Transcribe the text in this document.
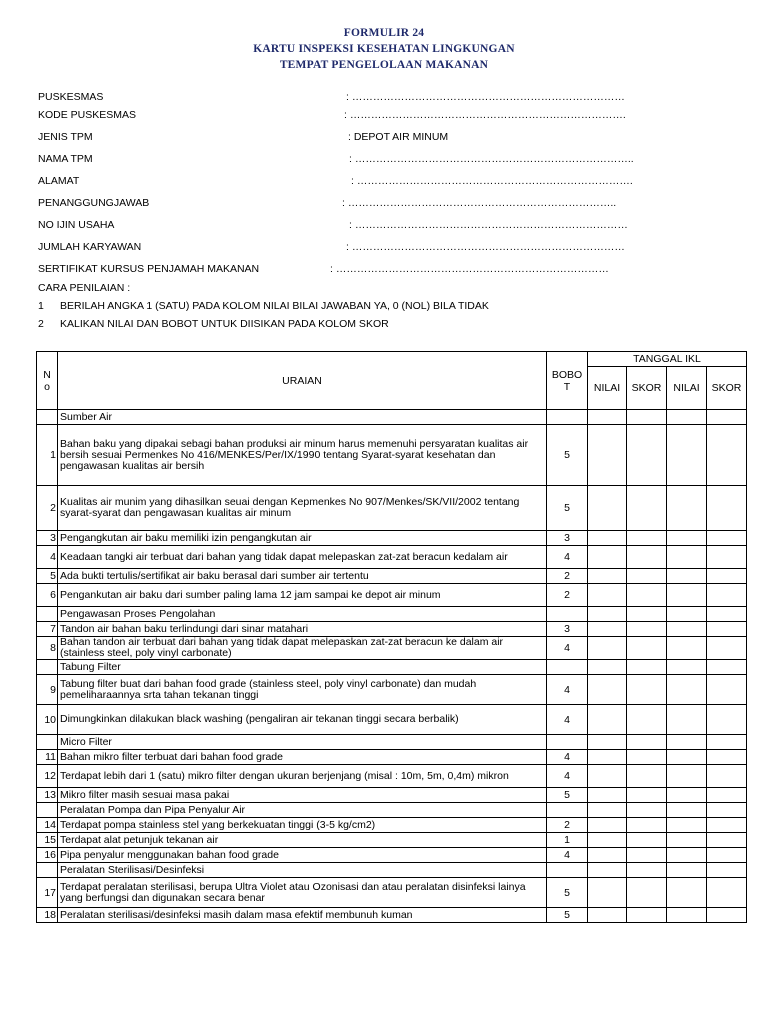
FORMULIR 24
KARTU INSPEKSI KESEHATAN LINGKUNGAN
TEMPAT PENGELOLAAN MAKANAN
PUSKESMAS	: ……………………………………………………………………
KODE PUSKESMAS	: …………………………………………………………………….
JENIS TPM	: DEPOT AIR MINUM
NAMA TPM	: ……………………………………………………………………..
ALAMAT	: …………………………………………………………………….
PENANGGUNGJAWAB	: …………………………………………………………………..
NO IJIN USAHA	: ……………………………………………………………………
JUMLAH KARYAWAN	: ……………………………………………………………………
SERTIFIKAT KURSUS PENJAMAH MAKANAN	: ……………………………………………………………………
CARA PENILAIAN :
1 BERILAH ANGKA 1 (SATU) PADA KOLOM NILAI BILAI JAWABAN YA, 0 (NOL) BILA TIDAK
2 KALIKAN NILAI DAN BOBOT UNTUK DIISIKAN PADA KOLOM SKOR
N o	URAIAN	BOBO T	TANGGAL IKL			
			NILAI	SKOR	NILAI	SKOR
	Sumber Air					
1	Bahan baku yang dipakai sebagi bahan produksi air minum harus memenuhi persyaratan kualitas air bersih sesuai Permenkes No 416/MENKES/Per/IX/1990 tentang Syarat-syarat kesehatan dan pengawasan kualitas air bersih	5				
2	Kualitas air munim yang dihasilkan seuai dengan Kepmenkes No 907/Menkes/SK/VII/2002 tentang syarat-syarat dan pengawasan kualitas air minum	5				
3	Pengangkutan air baku memiliki izin pengangkutan air	3				
4	Keadaan tangki air terbuat dari bahan yang tidak dapat melepaskan zat-zat beracun kedalam air	4				
5	Ada bukti tertulis/sertifikat air baku berasal dari sumber air tertentu	2				
6	Pengankutan air baku dari sumber paling lama 12 jam sampai ke depot air minum	2				
	Pengawasan Proses Pengolahan					
7	Tandon air bahan baku terlindungi dari sinar matahari	3				
8	Bahan tandon air terbuat dari bahan yang tidak dapat melepaskan zat-zat beracun ke dalam air (stainless steel, poly vinyl carbonate)	4				
	Tabung Filter					
9	Tabung filter buat dari bahan food grade (stainless steel, poly vinyl carbonate) dan mudah pemeliharaannya srta tahan tekanan tinggi	4				
10	Dimungkinkan dilakukan black washing (pengaliran air tekanan tinggi secara berbalik)	4				
	Micro Filter					
11	Bahan mikro filter terbuat dari bahan food grade	4				
12	Terdapat lebih dari 1 (satu) mikro filter dengan ukuran berjenjang (misal : 10m, 5m, 0,4m) mikron	4				
13	Mikro filter masih sesuai masa pakai	5				
	Peralatan Pompa dan Pipa Penyalur Air					
14	Terdapat pompa stainless stel yang berkekuatan tinggi (3-5 kg/cm2)	2				
15	Terdapat alat petunjuk tekanan air	1				
16	Pipa penyalur menggunakan bahan food grade	4				
	Peralatan Sterilisasi/Desinfeksi					
17	Terdapat peralatan sterilisasi, berupa Ultra Violet atau Ozonisasi dan atau peralatan disinfeksi lainya yang berfungsi dan digunakan secara benar	5				
18	Peralatan sterilisasi/desinfeksi masih dalam masa efektif membunuh kuman	5				
